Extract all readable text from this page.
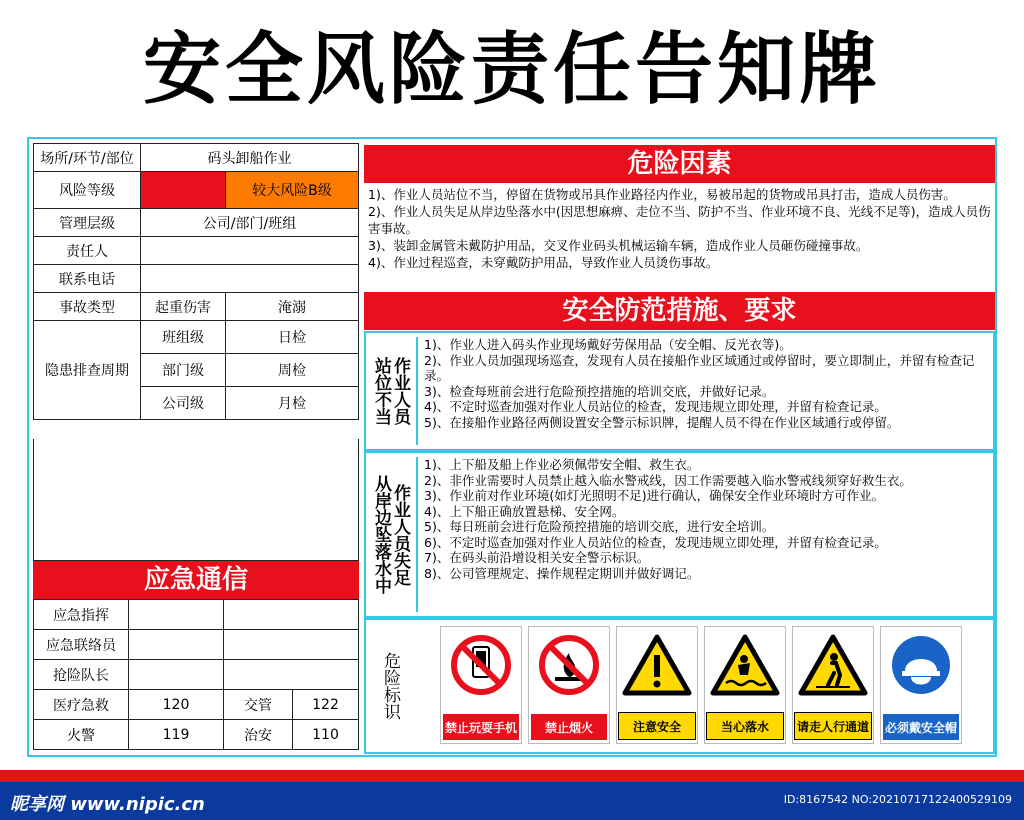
安全风险责任告知牌
场所/环节/部位	码头卸船作业	
风险等级		较大风险B级
管理层级	公司/部门/班组	
责任人		
联系电话		
事故类型	起重伤害	淹溺
隐患排查周期	班组级	日检
	部门级	周检
	公司级	月检
应急通信
应急指挥			
应急联络员			
抢险队长			
医疗急救	120	交管	122
火警	119	治安	110
危险因素
1)、作业人员站位不当，停留在货物或吊具作业路径内作业，易被吊起的货物或吊具打击，造成人员伤害。
2)、作业人员失足从岸边坠落水中(因思想麻痹、走位不当、防护不当、作业环境不良、光线不足等)，造成人员伤害事故。
3)、装卸金属管未戴防护用品，交叉作业码头机械运输车辆，造成作业人员砸伤碰撞事故。
4)、作业过程巡查，未穿戴防护用品，导致作业人员烫伤事故。
安全防范措施、要求
站位不当 作业人员
1)、作业人进入码头作业现场戴好劳保用品（安全帽、反光衣等)。
2)、作业人员加强现场巡查，发现有人员在接船作业区域通过或停留时，要立即制止，并留有检查记录。
3)、检查每班前会进行危险预控措施的培训交底，并做好记录。
4)、不定时巡查加强对作业人员站位的检查，发现违规立即处理，并留有检查记录。
5)、在接船作业路径两侧设置安全警示标识牌，提醒人员不得在作业区域通行或停留。
从岸边坠落水中 作业人员失足
1)、上下船及船上作业必须佩带安全帽、救生衣。
2)、非作业需要时人员禁止越入临水警戒线，因工作需要越入临水警戒线须穿好救生衣。
3)、作业前对作业环境(如灯光照明不足)进行确认，确保安全作业环境时方可作业。
4)、上下船正确放置悬梯、安全网。
5)、每日班前会进行危险预控措施的培训交底，进行安全培训。
6)、不定时巡查加强对作业人员站位的检查，发现违规立即处理，并留有检查记录。
7)、在码头前沿增设相关安全警示标识。
8)、公司管理规定、操作规程定期训并做好调记。
危险标识
禁止玩耍手机	禁止烟火	注意安全	当心落水	请走人行通道 必须戴安全帽
昵享网 www.nipic.cn	ID:8167542 NO:20210717122400529109
